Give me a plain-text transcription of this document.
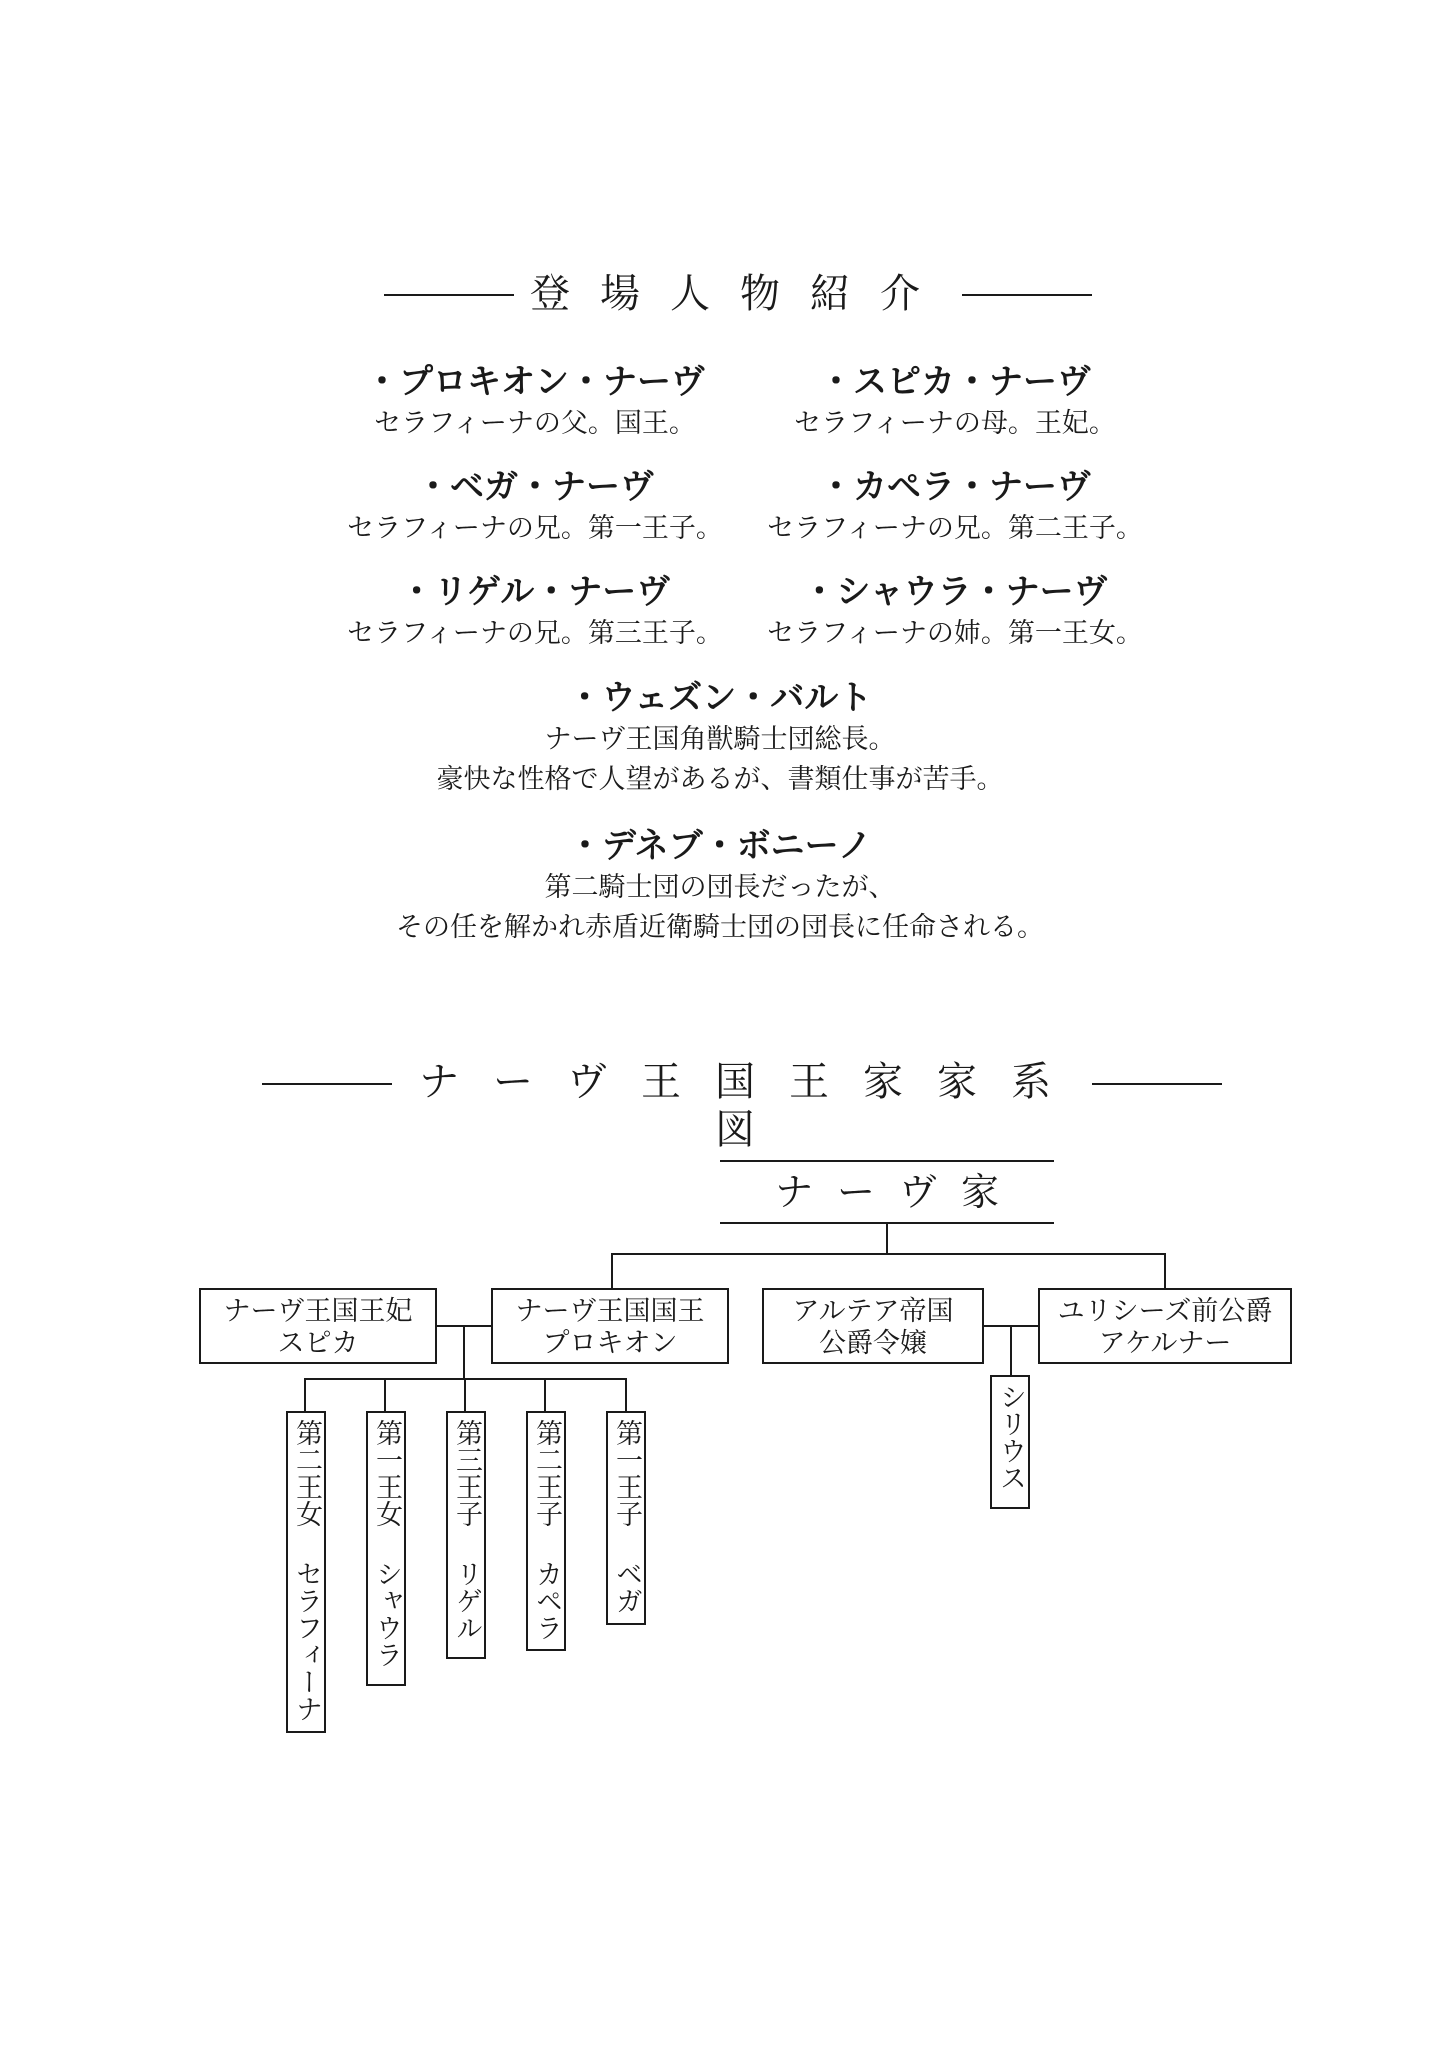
登場人物紹介
・プロキオン・ナーヴ
セラフィーナの父。国王。
・スピカ・ナーヴ
セラフィーナの母。王妃。
・ベガ・ナーヴ
セラフィーナの兄。第一王子。
・カペラ・ナーヴ
セラフィーナの兄。第二王子。
・リゲル・ナーヴ
セラフィーナの兄。第三王子。
・シャウラ・ナーヴ
セラフィーナの姉。第一王女。
・ウェズン・バルト
ナーヴ王国角獣騎士団総長。
豪快な性格で人望があるが、書類仕事が苦手。
・デネブ・ボニーノ
第二騎士団の団長だったが、
その任を解かれ赤盾近衛騎士団の団長に任命される。
ナーヴ王国王家家系図
ナーヴ家
ナーヴ王国王妃
スピカ
ナーヴ王国国王
プロキオン
アルテア帝国
公爵令嬢
ユリシーズ前公爵
アケルナー
第二王女
セラフィーナ
第一王女
シャウラ
第三王子
リゲル
第二王子
カペラ
第一王子
ベガ
シリウス
